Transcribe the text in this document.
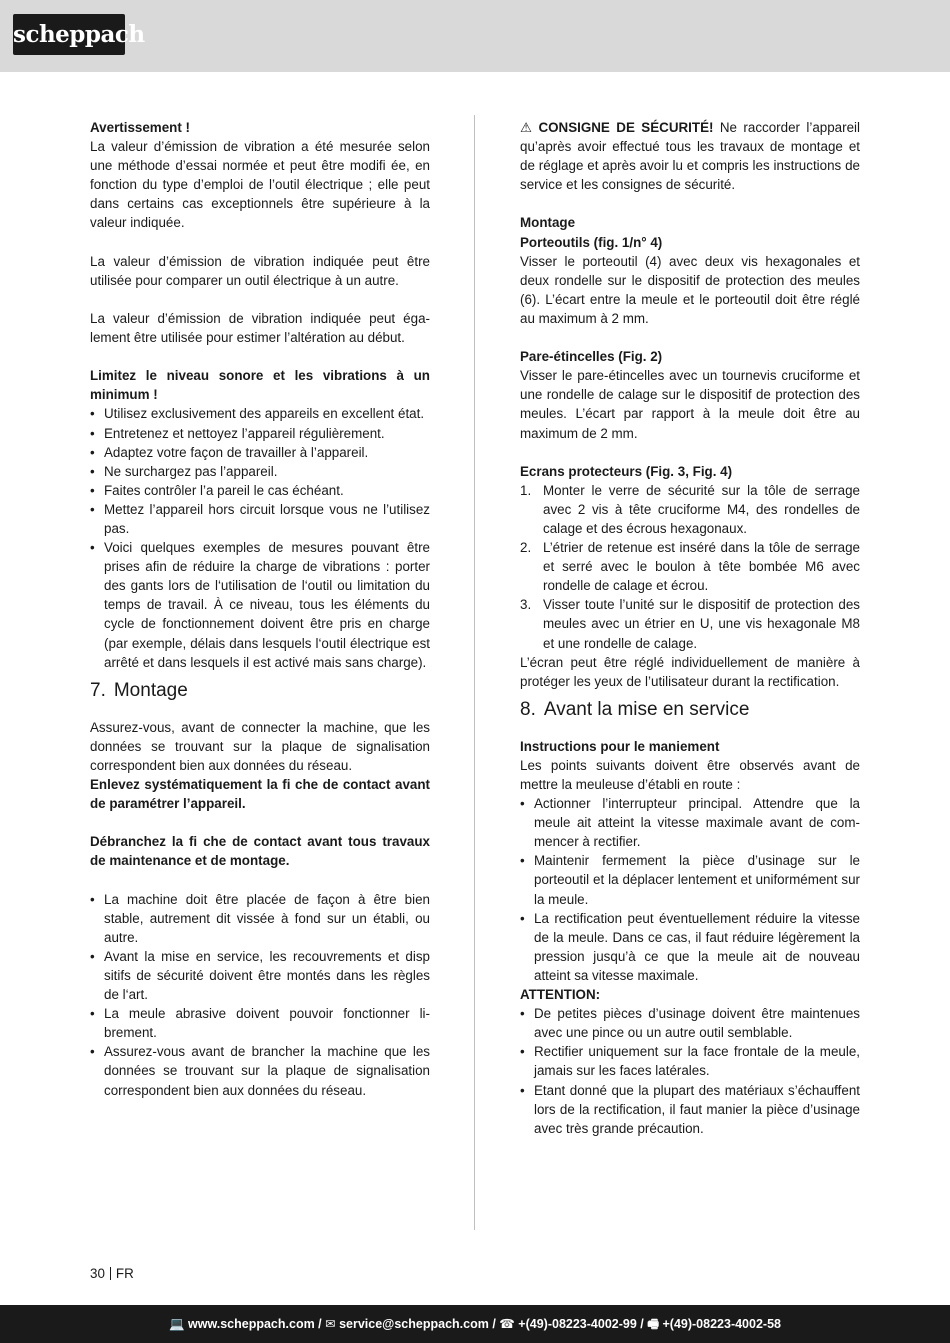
scheppach

Avertissement !

La valeur d’émission de vibration a été mesurée selon une méthode d’essai normée et peut être modifi ée, en fonction du type d’emploi de l’outil électrique ; elle peut dans certains cas exceptionnels être supérieure à la valeur indiquée.

La valeur d’émission de vibration indiquée peut être utilisée pour comparer un outil électrique à un autre.

La valeur d’émission de vibration indiquée peut également être utilisée pour estimer l’altération au début.

Limitez le niveau sonore et les vibrations à un minimum !

• Utilisez exclusivement des appareils en excellent état.
• Entretenez et nettoyez l’appareil régulièrement.
• Adaptez votre façon de travailler à l’appareil.
• Ne surchargez pas l’appareil.
• Faites contrôler l’a pareil le cas échéant.
• Mettez l’appareil hors circuit lorsque vous ne l’utilisez pas.
• Voici quelques exemples de mesures pouvant être prises afin de réduire la charge de vibrations : porter des gants lors de l‘utilisation de l‘outil ou limitation du temps de travail. À ce niveau, tous les éléments du cycle de fonctionnement doivent être pris en charge (par exemple, délais dans lesquels l‘outil électrique est arrêté et dans lesquels il est activé mais sans charge).
7. Montage

Assurez-vous, avant de connecter la machine, que les données se trouvant sur la plaque de signalisation correspondent bien aux données du réseau.

Enlevez systématiquement la fi che de contact avant de paramétrer l’appareil.

Débranchez la fi che de contact avant tous travaux de maintenance et de montage.

• La machine doit être placée de façon à être bien stable, autrement dit vissée à fond sur un établi, ou autre.
• Avant la mise en service, les recouvrements et disp sitifs de sécurité doivent être montés dans les règles de l‘art.
• La meule abrasive doivent pouvoir fonctionner librement.
• Assurez-vous avant de brancher la machine que les données se trouvant sur la plaque de signalisation correspondent bien aux données du réseau.

⚠ CONSIGNE DE SÉCURITÉ! Ne raccorder l’appareil qu’après avoir effectué tous les travaux de montage et de réglage et après avoir lu et compris les instructions de service et les consignes de sécurité.

Montage

Porteoutils (fig. 1/n° 4)

Visser le porteoutil (4) avec deux vis hexagonales et deux rondelle sur le dispositif de protection des meules (6). L’écart entre la meule et le porteoutil doit être réglé au maximum à 2 mm.

Pare-étincelles (Fig. 2)

Visser le pare-étincelles avec un tournevis cruciforme et une rondelle de calage sur le dispositif de protection des meules. L’écart par rapport à la meule doit être au maximum de 2 mm.

Ecrans protecteurs (Fig. 3, Fig. 4)

1. Monter le verre de sécurité sur la tôle de serrage avec 2 vis à tête cruciforme M4, des rondelles de calage et des écrous hexagonaux.
2. L’étrier de retenue est inséré dans la tôle de serrage et serré avec le boulon à tête bombée M6 avec rondelle de calage et écrou.
3. Visser toute l’unité sur le dispositif de protection des meules avec un étrier en U, une vis hexagonale M8 et une rondelle de calage.

L’écran peut être réglé individuellement de manière à protéger les yeux de l’utilisateur durant la rectification.

8. Avant la mise en service

Instructions pour le maniement

Les points suivants doivent être observés avant de mettre la meuleuse d’établi en route :

• Actionner l’interrupteur principal. Attendre que la meule ait atteint la vitesse maximale avant de commencer à rectifier.
• Maintenir fermement la pièce d’usinage sur le porteoutil et la déplacer lentement et uniformément sur la meule.
• La rectification peut éventuellement réduire la vitesse de la meule. Dans ce cas, il faut réduire légèrement la pression jusqu’à ce que la meule ait de nouveau atteint sa vitesse maximale.

ATTENTION:

• De petites pièces d’usinage doivent être maintenues avec une pince ou un autre outil semblable.
• Rectifier uniquement sur la face frontale de la meule, jamais sur les faces latérales.
• Etant donné que la plupart des matériaux s’échauffent lors de la rectification, il faut manier la pièce d’usinage avec très grande précaution.
30 FR
💻 www.scheppach.com / ✉ service@scheppach.com / ☎ +(49)-08223-4002-99 / 🖷 +(49)-08223-4002-58
